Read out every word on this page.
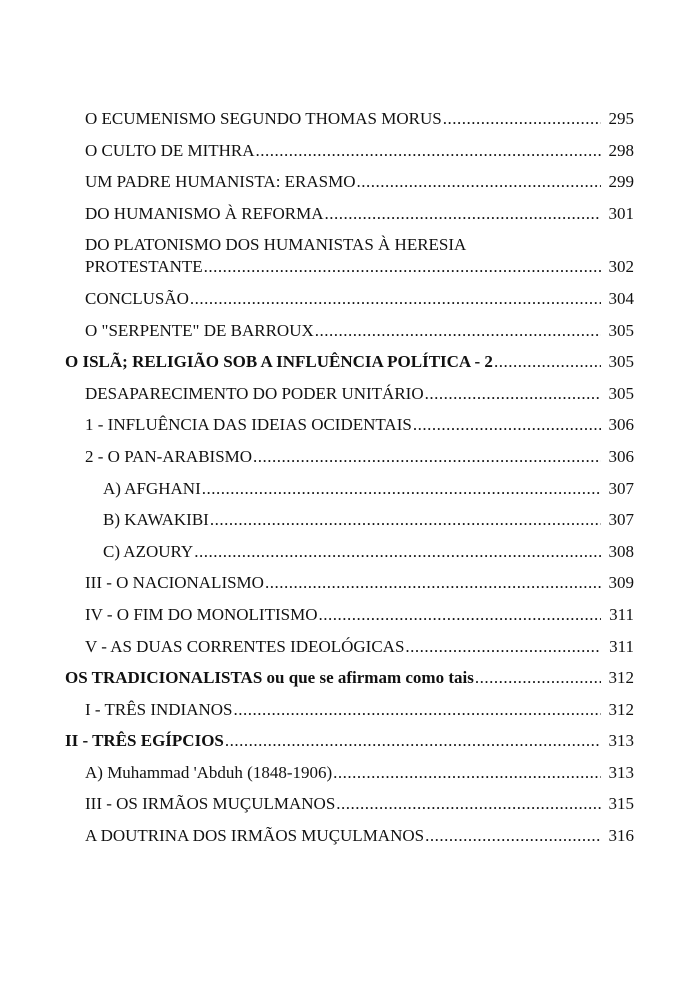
O ECUMENISMO SEGUNDO THOMAS MORUS .....	295
O CULTO DE MITHRA .....	298
UM PADRE HUMANISTA: ERASMO .....	299
DO HUMANISMO À REFORMA .....	301
DO PLATONISMO DOS HUMANISTAS À HERESIA
PROTESTANTE .....	302
CONCLUSÃO .....	304
O "SERPENTE" DE BARROUX .....	305
O ISLÃ; RELIGIÃO SOB A INFLUÊNCIA POLÍTICA - 2 .....	305
DESAPARECIMENTO DO PODER UNITÁRIO .....	305
1 - INFLUÊNCIA DAS IDEIAS OCIDENTAIS .....	306
2 - O PAN-ARABISMO .....	306
A) AFGHANI .....	307
B) KAWAKIBI .....	307
C) AZOURY .....	308
III - O NACIONALISMO .....	309
IV - O FIM DO MONOLITISMO .....	311
V - AS DUAS CORRENTES IDEOLÓGICAS .....	311
OS TRADICIONALISTAS ou que se afirmam como tais .....	312
I - TRÊS INDIANOS .....	312
II - TRÊS EGÍPCIOS .....	313
A) Muhammad 'Abduh (1848-1906) .....	313
III - OS IRMÃOS MUÇULMANOS .....	315
A DOUTRINA DOS IRMÃOS MUÇULMANOS .....	316
